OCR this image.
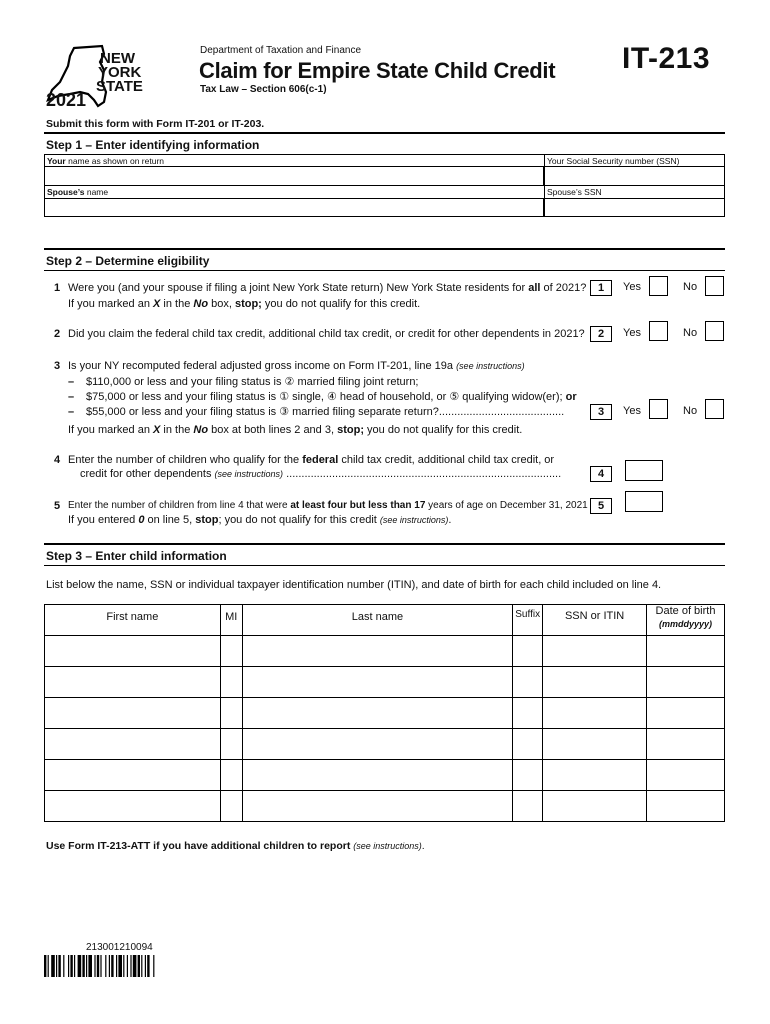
NEW
YORK
STATE
2021
Department of Taxation and Finance
Claim for Empire State Child Credit
Tax Law – Section 606(c-1)
IT-213
Submit this form with Form IT-201 or IT-203.
Step 1 – Enter identifying information
Your name as shown on return	Your Social Security number (SSN)
Spouse’s name	Spouse’s SSN
Step 2 – Determine eligibility
1 Were you (and your spouse if filing a joint New York State return) New York State residents for all of 2021?	1	Yes	No
If you marked an X in the No box, stop; you do not qualify for this credit.
2 Did you claim the federal child tax credit, additional child tax credit, or credit for other dependents in 2021?	2	Yes	No
3 Is your NY recomputed federal adjusted gross income on Form IT-201, line 19a (see instructions)
– $110,000 or less and your filing status is ② married filing joint return;
– $75,000 or less and your filing status is ① single, ④ head of household, or ⑤ qualifying widow(er); or
– $55,000 or less and your filing status is ③ married filing separate return?.........................................	3	Yes	No
If you marked an X in the No box at both lines 2 and 3, stop; you do not qualify for this credit.
4 Enter the number of children who qualify for the federal child tax credit, additional child tax credit, or
credit for other dependents (see instructions) ..........................................................................................	4
5 Enter the number of children from line 4 that were at least four but less than 17 years of age on December 31, 2021 5
If you entered 0 on line 5, stop; you do not qualify for this credit (see instructions).
Step 3 – Enter child information
List below the name, SSN or individual taxpayer identification number (ITIN), and date of birth for each child included on line 4.
First name	MI	Last name	Suffix	SSN or ITIN	Date of birth
(mmddyyyy)

Use Form IT-213-ATT if you have additional children to report (see instructions).
213001210094
